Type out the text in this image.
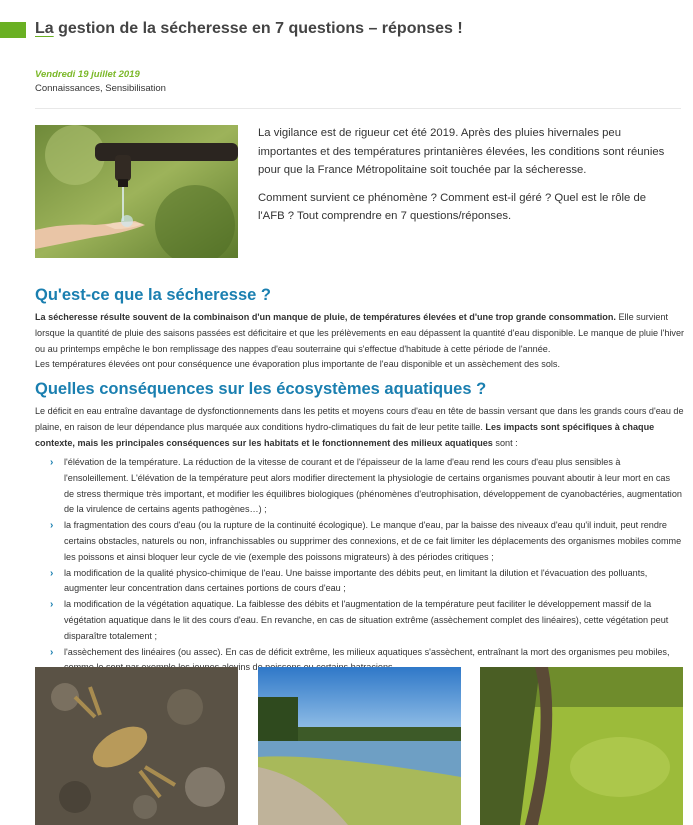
La gestion de la sécheresse en 7 questions – réponses !
Vendredi 19 juillet 2019
Connaissances, Sensibilisation

La vigilance est de rigueur cet été 2019. Après des pluies hivernales peu importantes et des températures printanières élevées, les conditions sont réunies pour que la France Métropolitaine soit touchée par la sécheresse.

Comment survient ce phénomène ? Comment est-il géré ? Quel est le rôle de l'AFB ? Tout comprendre en 7 questions/réponses.

Qu'est-ce que la sécheresse ?
La sécheresse résulte souvent de la combinaison d'un manque de pluie, de températures élevées et d'une trop grande consommation. Elle survient lorsque la quantité de pluie des saisons passées est déficitaire et que les prélèvements en eau dépassent la quantité d'eau disponible. Le manque de pluie l'hiver ou au printemps empêche le bon remplissage des nappes d'eau souterraine qui s'effectue d'habitude à cette période de l'année.
Les températures élevées ont pour conséquence une évaporation plus importante de l'eau disponible et un assèchement des sols.
Quelles conséquences sur les écosystèmes aquatiques ?
Le déficit en eau entraîne davantage de dysfonctionnements dans les petits et moyens cours d'eau en tête de bassin versant que dans les grands cours d'eau de plaine, en raison de leur dépendance plus marquée aux conditions hydro-climatiques du fait de leur petite taille. Les impacts sont spécifiques à chaque contexte, mais les principales conséquences sur les habitats et le fonctionnement des milieux aquatiques sont :
› l'élévation de la température. La réduction de la vitesse de courant et de l'épaisseur de la lame d'eau rend les cours d'eau plus sensibles à l'ensoleillement. L'élévation de la température peut alors modifier directement la physiologie de certains organismes pouvant aboutir à leur mort en cas de stress thermique très important, et modifier les équilibres biologiques (phénomènes d'eutrophisation, développement de cyanobactéries, augmentation de la virulence de certains agents pathogènes…) ;
› la fragmentation des cours d'eau (ou la rupture de la continuité écologique). Le manque d'eau, par la baisse des niveaux d'eau qu'il induit, peut rendre certains obstacles, naturels ou non, infranchissables ou supprimer des connexions, et de ce fait limiter les déplacements des organismes mobiles comme les poissons et ainsi bloquer leur cycle de vie (exemple des poissons migrateurs) à des périodes critiques ;
› la modification de la qualité physico-chimique de l'eau. Une baisse importante des débits peut, en limitant la dilution et l'évacuation des polluants, augmenter leur concentration dans certaines portions de cours d'eau ;
› la modification de la végétation aquatique. La faiblesse des débits et l'augmentation de la température peut faciliter le développement massif de la végétation aquatique dans le lit des cours d'eau. En revanche, en cas de situation extrême (assèchement complet des linéaires), cette végétation peut disparaître totalement ;
› l'assèchement des linéaires (ou assec). En cas de déficit extrême, les milieux aquatiques s'assèchent, entraînant la mort des organismes peu mobiles, de
